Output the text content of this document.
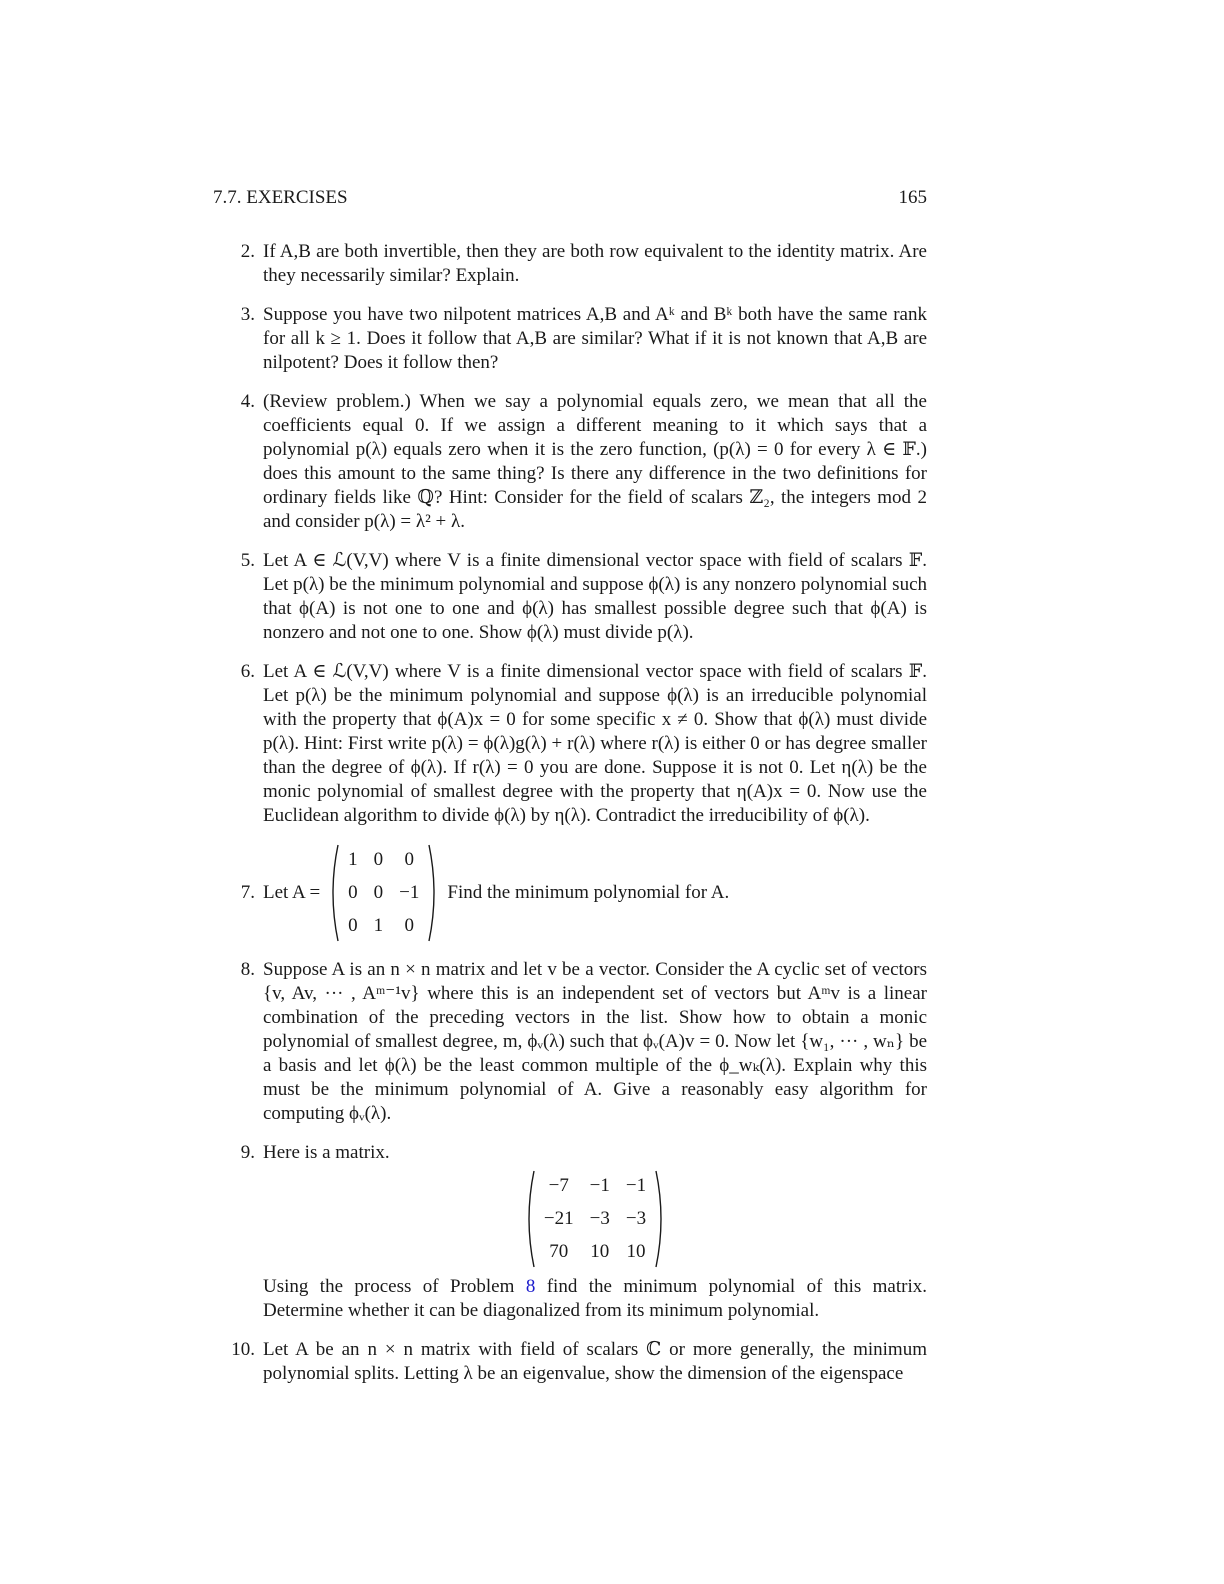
7.7. EXERCISES	165
2. If A,B are both invertible, then they are both row equivalent to the identity matrix. Are they necessarily similar? Explain.

3. Suppose you have two nilpotent matrices A,B and Aᵏ and Bᵏ both have the same rank for all k ≥ 1. Does it follow that A,B are similar? What if it is not known that A,B are nilpotent? Does it follow then?

4. (Review problem.) When we say a polynomial equals zero, we mean that all the coefficients equal 0. If we assign a different meaning to it which says that a polynomial p(λ) equals zero when it is the zero function, (p(λ) = 0 for every λ ∈ 𝔽.) does this amount to the same thing? Is there any difference in the two definitions for ordinary fields like ℚ? Hint: Consider for the field of scalars ℤ₂, the integers mod 2 and consider p(λ) = λ² + λ.

5. Let A ∈ ℒ(V,V) where V is a finite dimensional vector space with field of scalars 𝔽. Let p(λ) be the minimum polynomial and suppose ϕ(λ) is any nonzero polynomial such that ϕ(A) is not one to one and ϕ(λ) has smallest possible degree such that ϕ(A) is nonzero and not one to one. Show ϕ(λ) must divide p(λ).

6. Let A ∈ ℒ(V,V) where V is a finite dimensional vector space with field of scalars 𝔽. Let p(λ) be the minimum polynomial and suppose ϕ(λ) is an irreducible polynomial with the property that ϕ(A)x = 0 for some specific x ≠ 0. Show that ϕ(λ) must divide p(λ). Hint: First write p(λ) = ϕ(λ)g(λ) + r(λ) where r(λ) is either 0 or has degree smaller than the degree of ϕ(λ). If r(λ) = 0 you are done. Suppose it is not 0. Let η(λ) be the monic polynomial of smallest degree with the property that η(A)x = 0. Now use the Euclidean algorithm to divide ϕ(λ) by η(λ). Contradict the irreducibility of ϕ(λ).

7. Let A =
1	0	0
0	0	−1
0	1	0
Find the minimum polynomial for A.
8. Suppose A is an n × n matrix and let v be a vector. Consider the A cyclic set of vectors {v, Av, ··· , Aᵐ⁻¹v} where this is an independent set of vectors but Aᵐv is a linear combination of the preceding vectors in the list. Show how to obtain a monic polynomial of smallest degree, m, ϕᵥ(λ) such that ϕᵥ(A)v = 0. Now let {w₁, ··· , wₙ} be a basis and let ϕ(λ) be the least common multiple of the ϕ_wₖ(λ). Explain why this must be the minimum polynomial of A. Give a reasonably easy algorithm for computing ϕᵥ(λ).

9. Here is a matrix.

−7	−1	−1
−21	−3	−3
70	10	10

Using the process of Problem 8 find the minimum polynomial of this matrix. Determine whether it can be diagonalized from its minimum polynomial.

10. Let A be an n × n matrix with field of scalars ℂ or more generally, the minimum polynomial splits. Letting λ be an eigenvalue, show the dimension of the eigenspace
